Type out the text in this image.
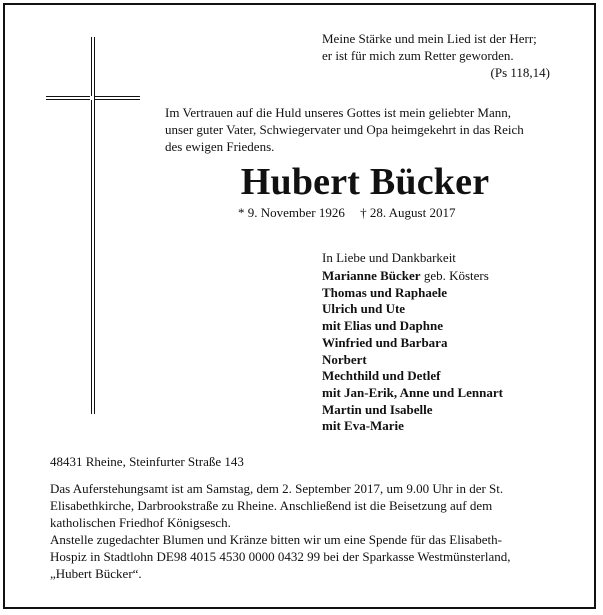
Meine Stärke und mein Lied ist der Herr;
er ist für mich zum Retter geworden.
(Ps 118,14)
Im Vertrauen auf die Huld unseres Gottes ist mein geliebter Mann,
unser guter Vater, Schwiegervater und Opa heimgekehrt in das Reich
des ewigen Friedens.
Hubert Bücker
* 9. November 1926 † 28. August 2017
In Liebe und Dankbarkeit
Marianne Bücker geb. Kösters
Thomas und Raphaele
Ulrich und Ute
mit Elias und Daphne
Winfried und Barbara
Norbert
Mechthild und Detlef
mit Jan-Erik, Anne und Lennart
Martin und Isabelle
mit Eva-Marie
48431 Rheine, Steinfurter Straße 143
Das Auferstehungsamt ist am Samstag, dem 2. September 2017, um 9.00 Uhr in der St.
Elisabethkirche, Darbrookstraße zu Rheine. Anschließend ist die Beisetzung auf dem
katholischen Friedhof Königsesch.
Anstelle zugedachter Blumen und Kränze bitten wir um eine Spende für das Elisabeth-
Hospiz in Stadtlohn DE98 4015 4530 0000 0432 99 bei der Sparkasse Westmünsterland,
„Hubert Bücker“.
